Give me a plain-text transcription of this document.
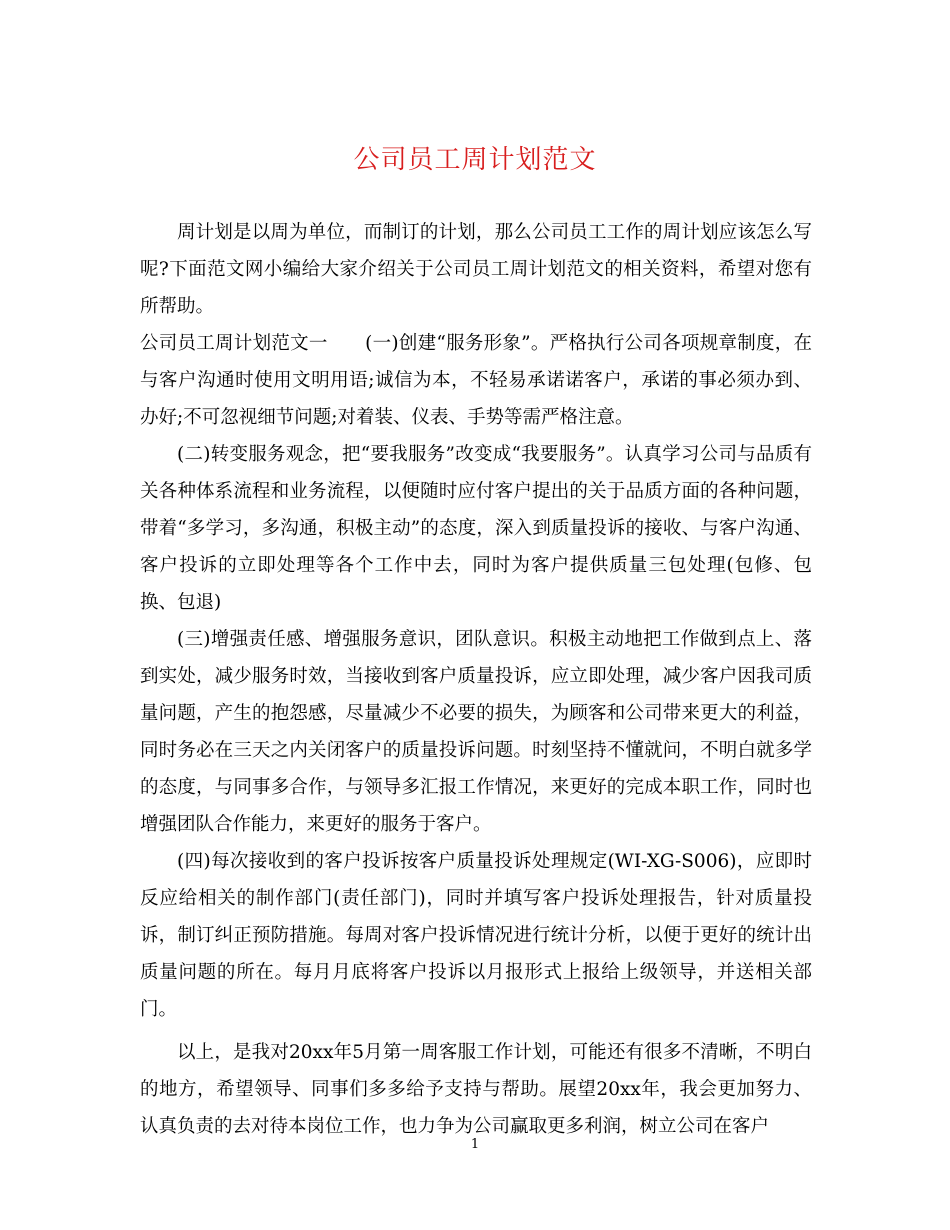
公司员工周计划范文

周计划是以周为单位，而制订的计划，那么公司员工工作的周计划应该怎么写呢?下面范文网小编给大家介绍关于公司员工周计划范文的相关资料，希望对您有所帮助。

公司员工周计划范文一　　(一)创建“服务形象”。严格执行公司各项规章制度，在与客户沟通时使用文明用语;诚信为本，不轻易承诺诺客户，承诺的事必须办到、办好;不可忽视细节问题;对着装、仪表、手势等需严格注意。

(二)转变服务观念，把“要我服务”改变成“我要服务”。认真学习公司与品质有关各种体系流程和业务流程，以便随时应付客户提出的关于品质方面的各种问题，带着“多学习，多沟通，积极主动”的态度，深入到质量投诉的接收、与客户沟通、客户投诉的立即处理等各个工作中去，同时为客户提供质量三包处理(包修、包换、包退)

(三)增强责任感、增强服务意识，团队意识。积极主动地把工作做到点上、落到实处，减少服务时效，当接收到客户质量投诉，应立即处理，减少客户因我司质量问题，产生的抱怨感，尽量减少不必要的损失，为顾客和公司带来更大的利益，同时务必在三天之内关闭客户的质量投诉问题。时刻坚持不懂就问，不明白就多学的态度，与同事多合作，与领导多汇报工作情况，来更好的完成本职工作，同时也增强团队合作能力，来更好的服务于客户。

(四)每次接收到的客户投诉按客户质量投诉处理规定(WI-XG-S006)，应即时反应给相关的制作部门(责任部门)，同时并填写客户投诉处理报告，针对质量投诉，制订纠正预防措施。每周对客户投诉情况进行统计分析，以便于更好的统计出质量问题的所在。每月月底将客户投诉以月报形式上报给上级领导，并送相关部门。

以上，是我对20xx年5月第一周客服工作计划，可能还有很多不清晰，不明白的地方，希望领导、同事们多多给予支持与帮助。展望20xx年，我会更加努力、认真负责的去对待本岗位工作，也力争为公司赢取更多利润，树立公司在客户

1
